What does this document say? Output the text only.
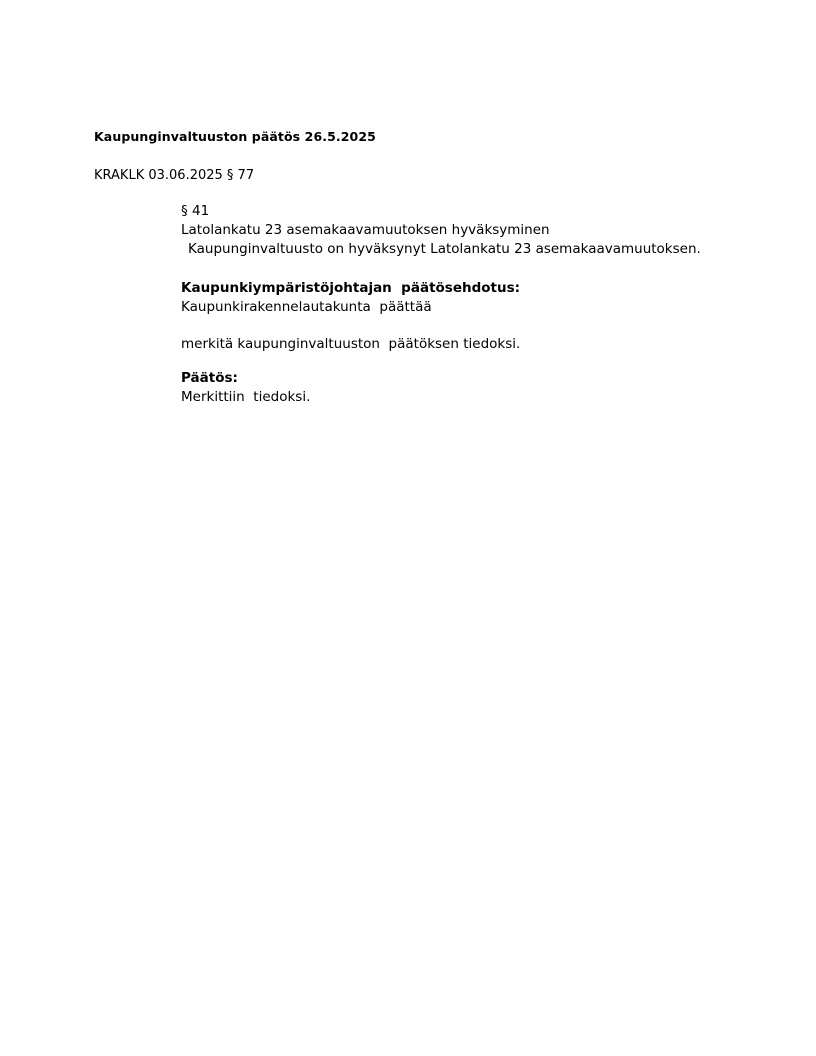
Kaupunginvaltuuston päätös 26.5.2025
KRAKLK 03.06.2025 § 77

§ 41

Latolankatu 23 asemakaavamuutoksen hyväksyminen

Kaupunginvaltuusto on hyväksynyt Latolankatu 23 asemakaavamuutoksen.

Kaupunkiympäristöjohtajan  päätösehdotus:

Kaupunkirakennelautakunta  päättää

merkitä kaupunginvaltuuston  päätöksen tiedoksi.

Päätös:

Merkittiin  tiedoksi.
